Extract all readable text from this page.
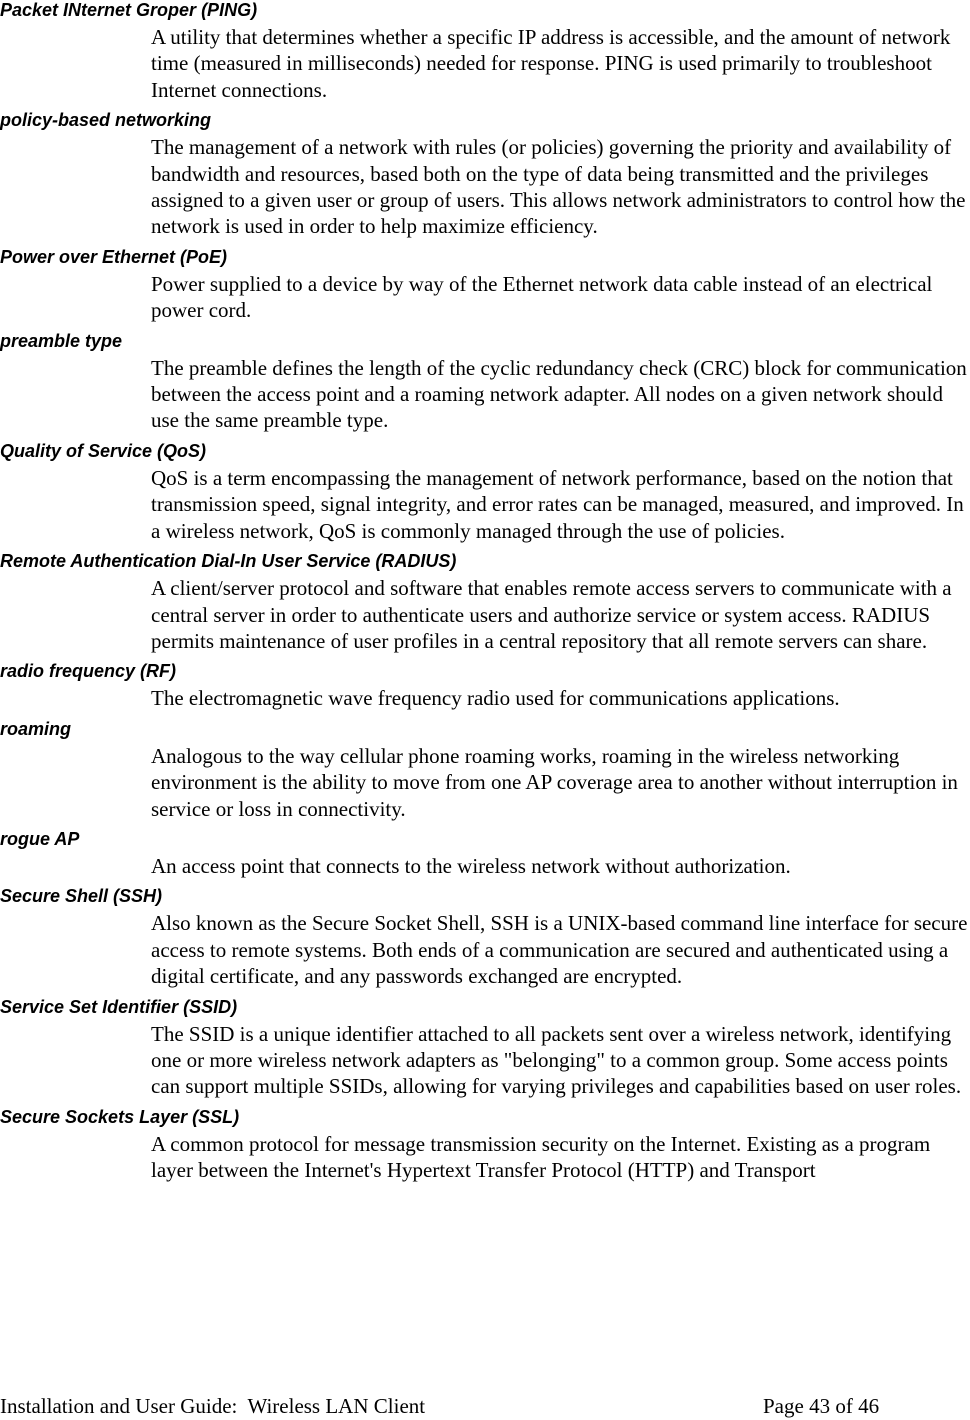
Packet INternet Groper (PING)
A utility that determines whether a specific IP address is accessible, and the amount of network time (measured in milliseconds) needed for response. PING is used primarily to troubleshoot Internet connections.
policy-based networking
The management of a network with rules (or policies) governing the priority and availability of bandwidth and resources, based both on the type of data being transmitted and the privileges assigned to a given user or group of users. This allows network administrators to control how the network is used in order to help maximize efficiency.
Power over Ethernet (PoE)
Power supplied to a device by way of the Ethernet network data cable instead of an electrical power cord.
preamble type
The preamble defines the length of the cyclic redundancy check (CRC) block for communication between the access point and a roaming network adapter. All nodes on a given network should use the same preamble type.
Quality of Service (QoS)
QoS is a term encompassing the management of network performance, based on the notion that transmission speed, signal integrity, and error rates can be managed, measured, and improved. In a wireless network, QoS is commonly managed through the use of policies.
Remote Authentication Dial-In User Service (RADIUS)
A client/server protocol and software that enables remote access servers to communicate with a central server in order to authenticate users and authorize service or system access. RADIUS permits maintenance of user profiles in a central repository that all remote servers can share.
radio frequency (RF)
The electromagnetic wave frequency radio used for communications applications.
roaming
Analogous to the way cellular phone roaming works, roaming in the wireless networking environment is the ability to move from one AP coverage area to another without interruption in service or loss in connectivity.
rogue AP
An access point that connects to the wireless network without authorization.
Secure Shell (SSH)
Also known as the Secure Socket Shell, SSH is a UNIX-based command line interface for secure access to remote systems. Both ends of a communication are secured and authenticated using a digital certificate, and any passwords exchanged are encrypted.
Service Set Identifier (SSID)
The SSID is a unique identifier attached to all packets sent over a wireless network, identifying one or more wireless network adapters as "belonging" to a common group. Some access points can support multiple SSIDs, allowing for varying privileges and capabilities based on user roles.
Secure Sockets Layer (SSL)
A common protocol for message transmission security on the Internet. Existing as a program layer between the Internet's Hypertext Transfer Protocol (HTTP) and Transport
Installation and User Guide:  Wireless LAN Client	Page 43 of 46
